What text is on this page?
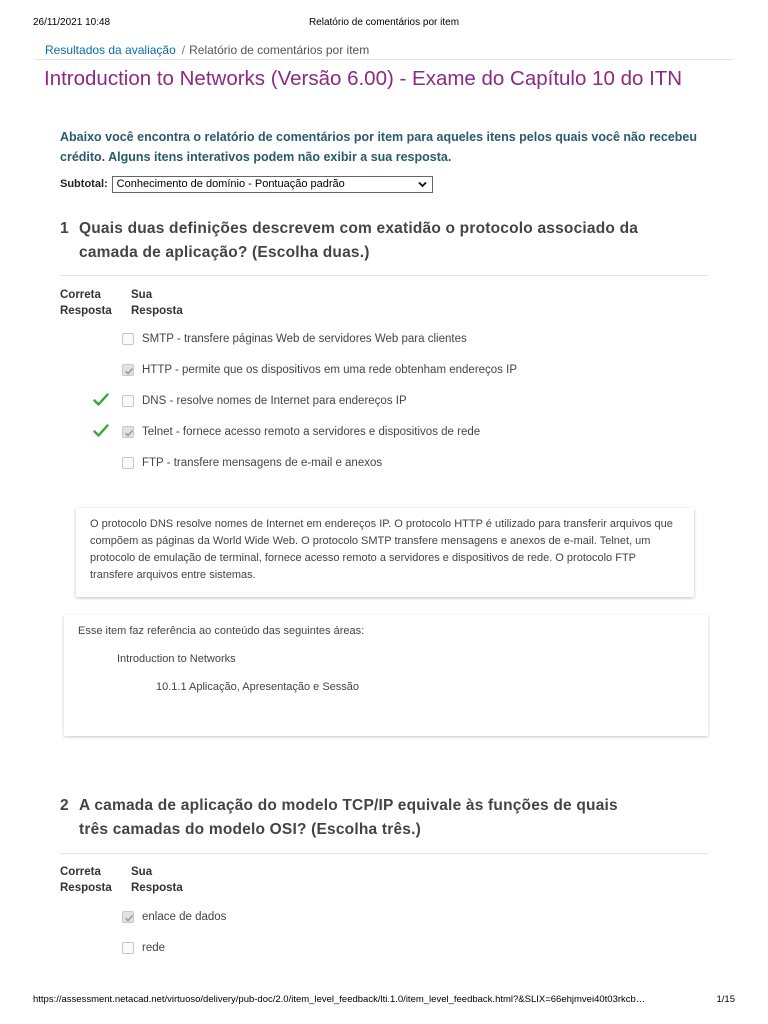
26/11/2021 10:48	Relatório de comentários por item
Resultados da avaliação / Relatório de comentários por item
Introduction to Networks (Versão 6.00) - Exame do Capítulo 10 do ITN

Abaixo você encontra o relatório de comentários por item para aqueles itens pelos quais você não recebeu crédito. Alguns itens interativos podem não exibir a sua resposta.

Subtotal: Conhecimento de domínio - Pontuação padrão
1 Quais duas definições descrevem com exatidão o protocolo associado da camada de aplicação? (Escolha duas.)
Correta
Resposta
Sua
Resposta
SMTP - transfere páginas Web de servidores Web para clientes
HTTP - permite que os dispositivos em uma rede obtenham endereços IP
DNS - resolve nomes de Internet para endereços IP
Telnet - fornece acesso remoto a servidores e dispositivos de rede
FTP - transfere mensagens de e-mail e anexos

O protocolo DNS resolve nomes de Internet em endereços IP. O protocolo HTTP é utilizado para transferir arquivos que compõem as páginas da World Wide Web. O protocolo SMTP transfere mensagens e anexos de e-mail. Telnet, um protocolo de emulação de terminal, fornece acesso remoto a servidores e dispositivos de rede. O protocolo FTP transfere arquivos entre sistemas.

Esse item faz referência ao conteúdo das seguintes áreas:
Introduction to Networks
10.1.1 Aplicação, Apresentação e Sessão
2 A camada de aplicação do modelo TCP/IP equivale às funções de quais três camadas do modelo OSI? (Escolha três.)
Correta
Resposta
Sua
Resposta
enlace de dados
rede
https://assessment.netacad.net/virtuoso/delivery/pub-doc/2.0/item_level_feedback/lti.1.0/item_level_feedback.html?&SLIX=66ehjmvei40t03rkcb…	1/15
